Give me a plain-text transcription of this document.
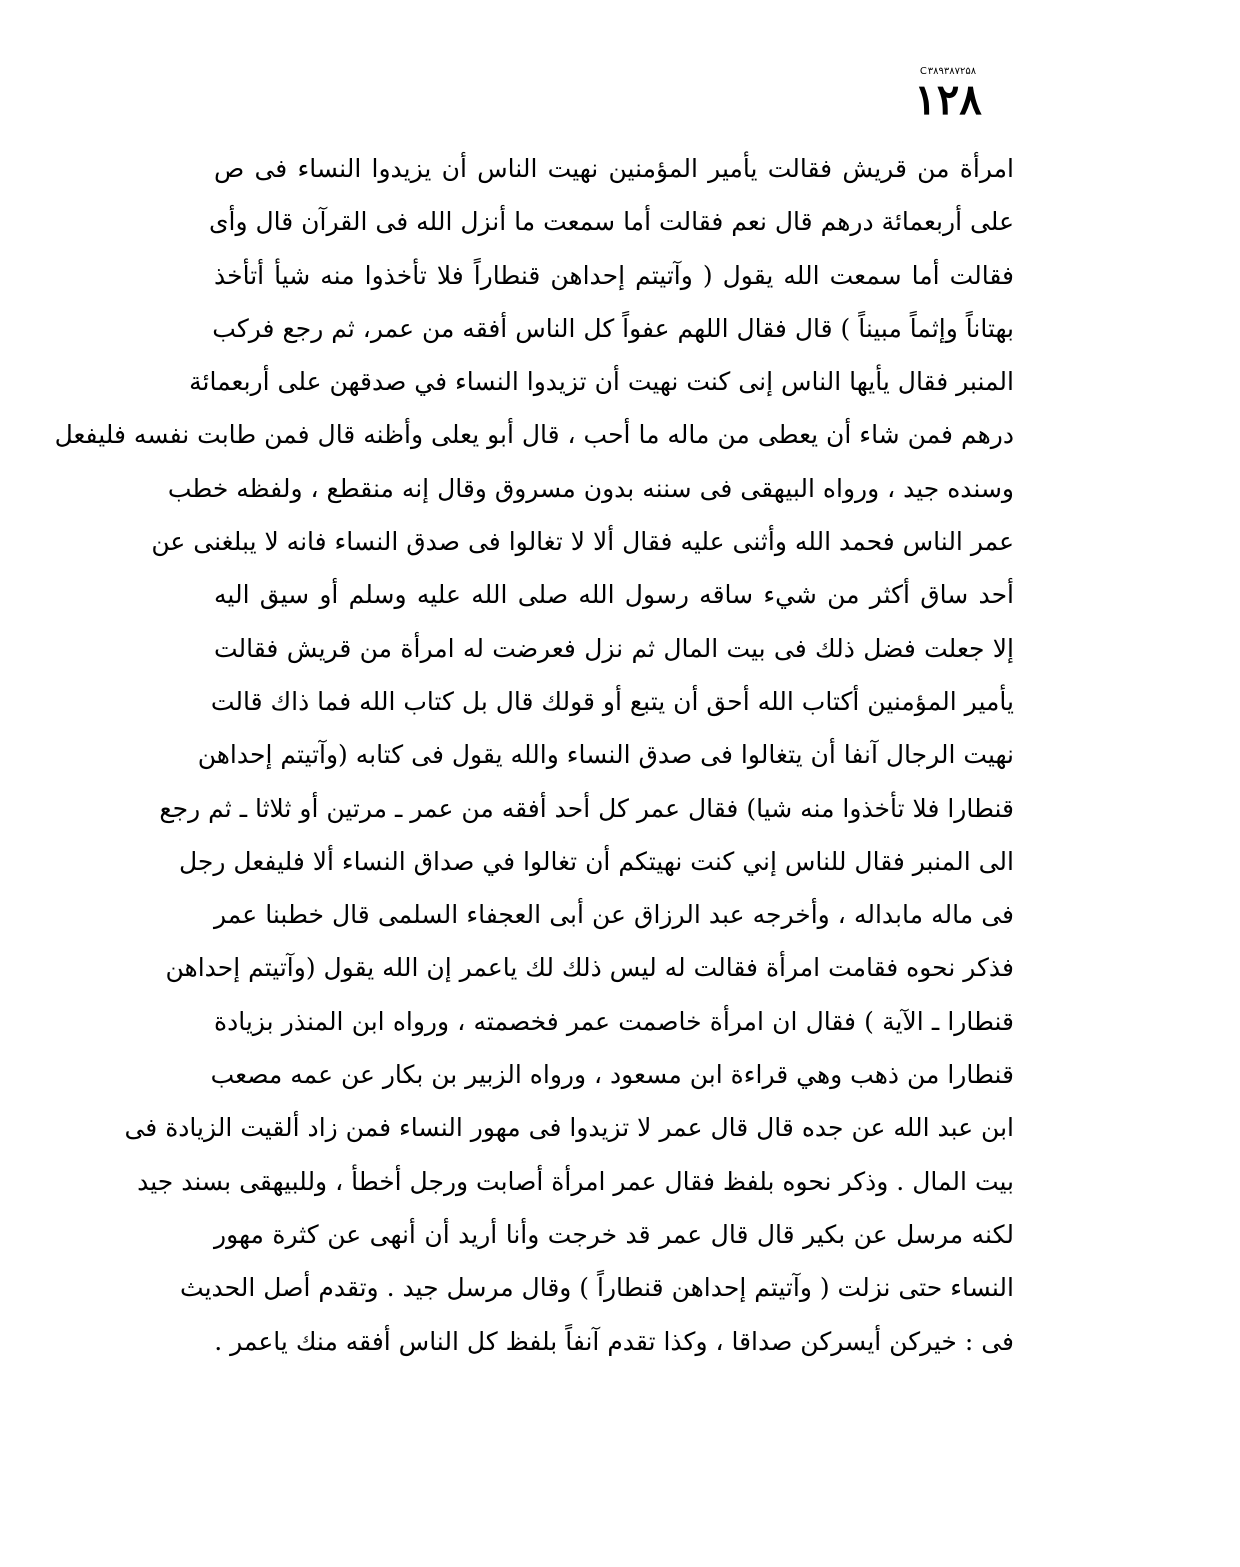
C۳۸۹۳۸۷۲۵۸
١٢٨
امرأة من قريش فقالت يأمير المؤمنين نهيت الناس أن يزيدوا النساء فى ص
على أربعمائة درهم قال نعم فقالت أما سمعت ما أنزل الله فى القرآن قال وأى
فقالت أما سمعت الله يقول ( وآتيتم إحداهن قنطاراً فلا تأخذوا منه شيأ أتأخذ
بهتاناً وإثماً مبيناً ) قال فقال اللهم عفواً كل الناس أفقه من عمر، ثم رجع فركب
المنبر فقال يأيها الناس إنى كنت نهيت أن تزيدوا النساء في صدقهن على أربعمائة
درهم فمن شاء أن يعطى من ماله ما أحب ، قال أبو يعلى وأظنه قال فمن طابت نفسه فليفعل
وسنده جيد ، ورواه البيهقى فى سننه بدون مسروق وقال إنه منقطع ، ولفظه خطب
عمر الناس فحمد الله وأثنى عليه فقال ألا لا تغالوا فى صدق النساء فانه لا يبلغنى عن
أحد ساق أكثر من شيء ساقه رسول الله صلى الله عليه وسلم أو سيق اليه
إلا جعلت فضل ذلك فى بيت المال ثم نزل فعرضت له امرأة من قريش فقالت
يأمير المؤمنين أكتاب الله أحق أن يتبع أو قولك قال بل كتاب الله فما ذاك قالت
نهيت الرجال آنفا أن يتغالوا فى صدق النساء والله يقول فى كتابه (وآتيتم إحداهن
قنطارا فلا تأخذوا منه شيا) فقال عمر كل أحد أفقه من عمر ـ مرتين أو ثلاثا ـ ثم رجع
الى المنبر فقال للناس إني كنت نهيتكم أن تغالوا في صداق النساء ألا فليفعل رجل
فى ماله مابداله ، وأخرجه عبد الرزاق عن أبى العجفاء السلمى قال خطبنا عمر
فذكر نحوه فقامت امرأة فقالت له ليس ذلك لك ياعمر إن الله يقول (وآتيتم إحداهن
قنطارا ـ الآية ) فقال ان امرأة خاصمت عمر فخصمته ، ورواه ابن المنذر بزيادة
قنطارا من ذهب وهي قراءة ابن مسعود ، ورواه الزبير بن بكار عن عمه مصعب
ابن عبد الله عن جده قال قال عمر لا تزيدوا فى مهور النساء فمن زاد ألقيت الزيادة فى
بيت المال . وذكر نحوه بلفظ فقال عمر امرأة أصابت ورجل أخطأ ، وللبيهقى بسند جيد
لكنه مرسل عن بكير قال قال عمر قد خرجت وأنا أريد أن أنهى عن كثرة مهور
النساء حتى نزلت ( وآتيتم إحداهن قنطاراً ) وقال مرسل جيد . وتقدم أصل الحديث
فى : خيركن أيسركن صداقا ، وكذا تقدم آنفاً بلفظ كل الناس أفقه منك ياعمر .
